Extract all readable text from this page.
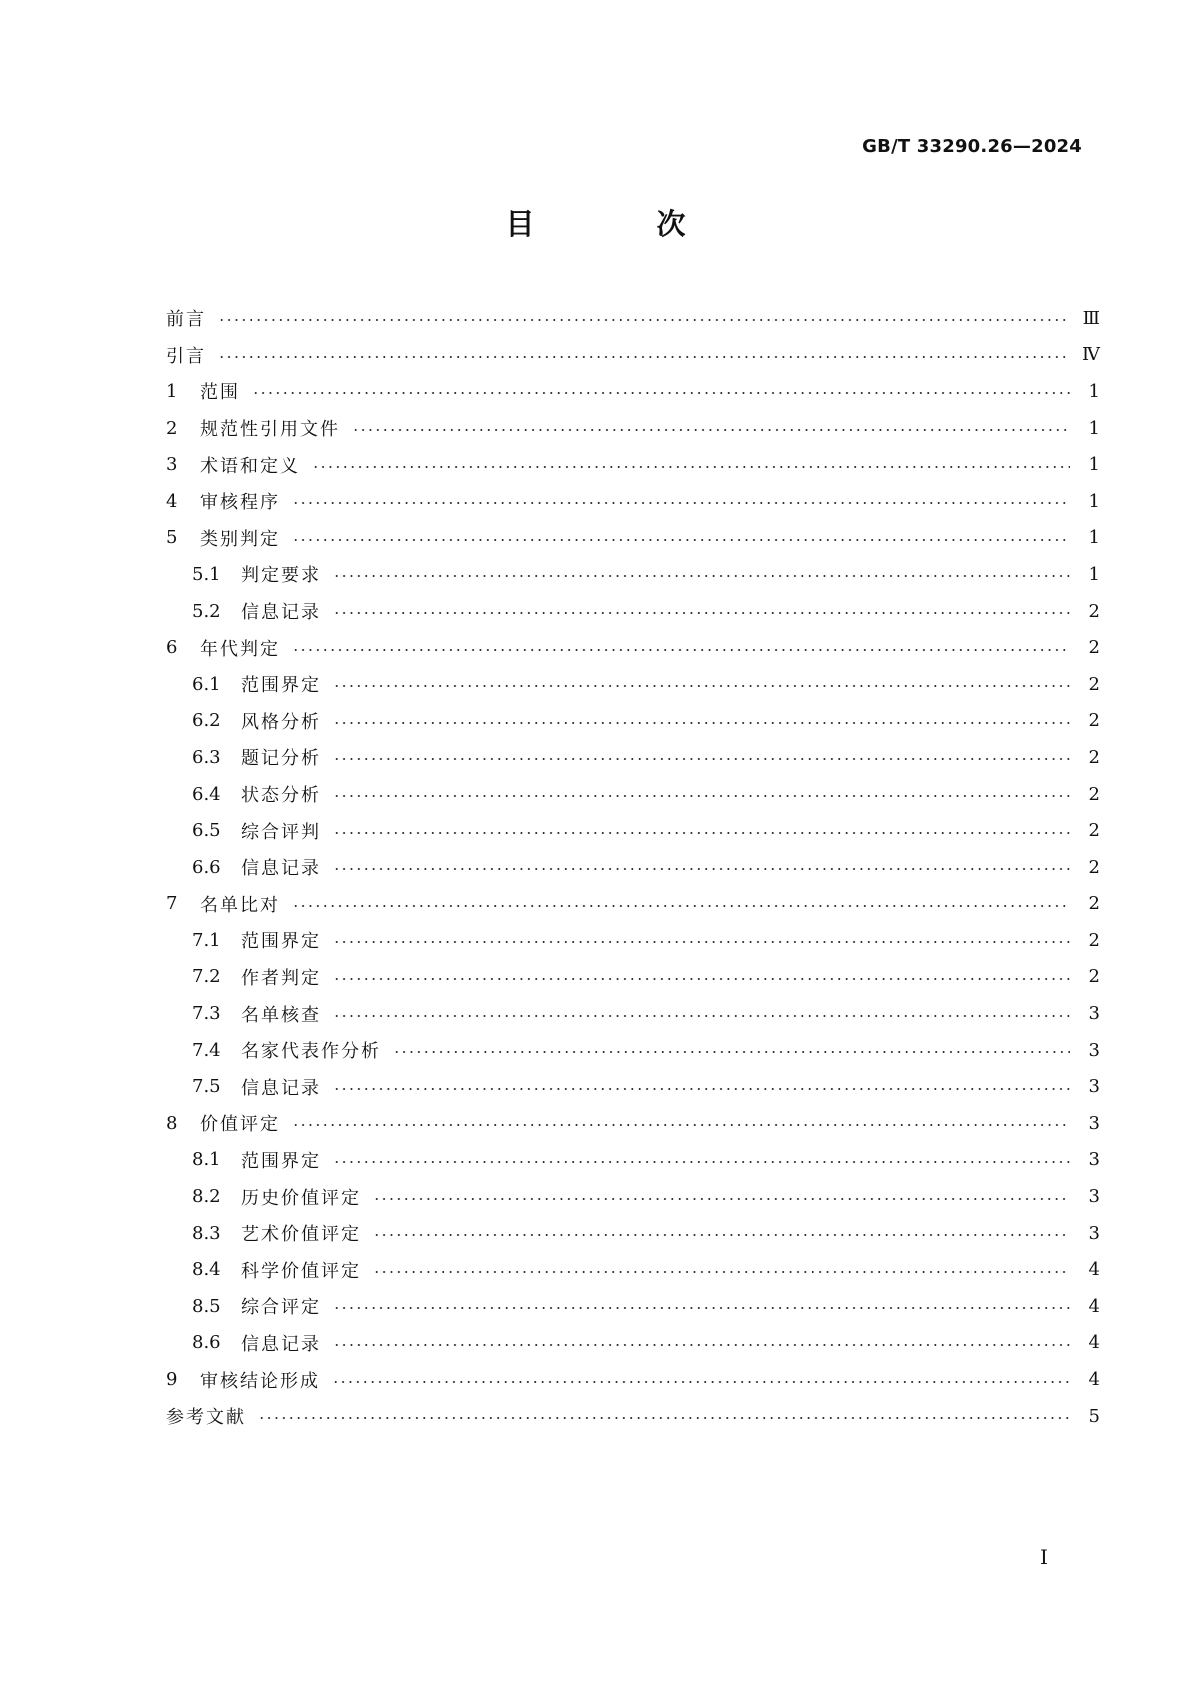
GB/T 33290.26—2024
目 次
前言	Ⅲ
引言	Ⅳ
1	范围	1
2	规范性引用文件	1
3	术语和定义	1
4	审核程序	1
5	类别判定	1
5.1	判定要求	1
5.2	信息记录	2
6	年代判定	2
6.1	范围界定	2
6.2	风格分析	2
6.3	题记分析	2
6.4	状态分析	2
6.5	综合评判	2
6.6	信息记录	2
7	名单比对	2
7.1	范围界定	2
7.2	作者判定	2
7.3	名单核查	3
7.4	名家代表作分析	3
7.5	信息记录	3
8	价值评定	3
8.1	范围界定	3
8.2	历史价值评定	3
8.3	艺术价值评定	3
8.4	科学价值评定	4
8.5	综合评定	4
8.6	信息记录	4
9	审核结论形成	4
参考文献	5
I
